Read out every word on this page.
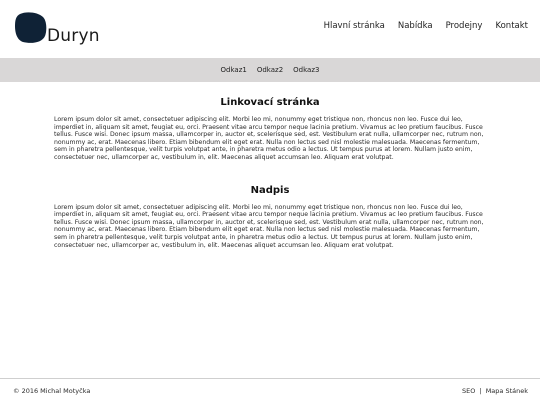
Duryn	Hlavní stránka Nabídka Prodejny Kontakt
Odkaz1 Odkaz2 Odkaz3
Linkovací stránka

Lorem ipsum dolor sit amet, consectetuer adipiscing elit. Morbi leo mi, nonummy eget tristique non, rhoncus non leo. Fusce dui leo, imperdiet in, aliquam sit amet, feugiat eu, orci. Praesent vitae arcu tempor neque lacinia pretium. Vivamus ac leo pretium faucibus. Fusce tellus. Fusce wisi. Donec ipsum massa, ullamcorper in, auctor et, scelerisque sed, est. Vestibulum erat nulla, ullamcorper nec, rutrum non, nonummy ac, erat. Maecenas libero. Etiam bibendum elit eget erat. Nulla non lectus sed nisl molestie malesuada. Maecenas fermentum, sem in pharetra pellentesque, velit turpis volutpat ante, in pharetra metus odio a lectus. Ut tempus purus at lorem. Nullam justo enim, consectetuer nec, ullamcorper ac, vestibulum in, elit. Maecenas aliquet accumsan leo. Aliquam erat volutpat.

Nadpis

Lorem ipsum dolor sit amet, consectetuer adipiscing elit. Morbi leo mi, nonummy eget tristique non, rhoncus non leo. Fusce dui leo, imperdiet in, aliquam sit amet, feugiat eu, orci. Praesent vitae arcu tempor neque lacinia pretium. Vivamus ac leo pretium faucibus. Fusce tellus. Fusce wisi. Donec ipsum massa, ullamcorper in, auctor et, scelerisque sed, est. Vestibulum erat nulla, ullamcorper nec, rutrum non, nonummy ac, erat. Maecenas libero. Etiam bibendum elit eget erat. Nulla non lectus sed nisl molestie malesuada. Maecenas fermentum, sem in pharetra pellentesque, velit turpis volutpat ante, in pharetra metus odio a lectus. Ut tempus purus at lorem. Nullam justo enim, consectetuer nec, ullamcorper ac, vestibulum in, elit. Maecenas aliquet accumsan leo. Aliquam erat volutpat.

© 2016 Michal Motyčka	SEO | Mapa Stánek
